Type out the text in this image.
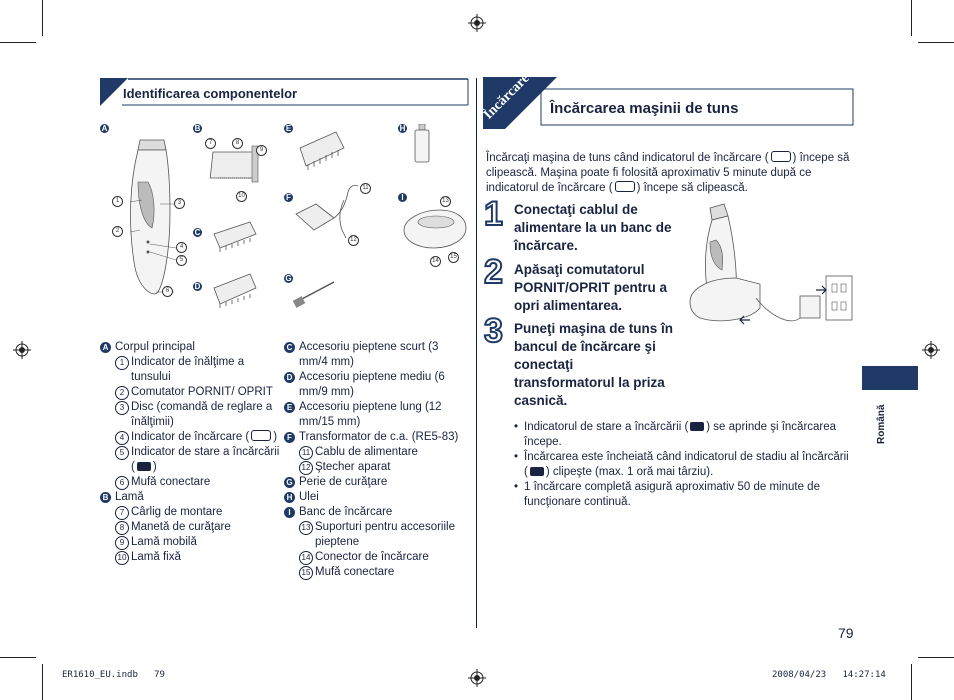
Identificarea componentelor
A	B
C
D
E
F
G
H
I
1
2
3
4
5
6
7	8
9
10
11
12
13
14
15
A Corpul principal
1 Indicator de înălţime a tunsului
2 Comutator PORNIT/ OPRIT
3 Disc (comandă de reglare a înălţimii)
4 Indicator de încărcare ( )
5 Indicator de stare a încărcării ( )
6 Mufă conectare
B Lamă
7 Cârlig de montare
8 Manetă de curăţare
9 Lamă mobilă
10 Lamă fixă
C Accesoriu pieptene scurt (3 mm/4 mm)
D Accesoriu pieptene mediu (6 mm/9 mm)
E Accesoriu pieptene lung (12 mm/15 mm)
F Transformator de c.a. (RE5-83)
11 Cablu de alimentare
12 Ştecher aparat
G Perie de curăţare
H Ulei
I Banc de încărcare
13 Suporturi pentru accesoriile pieptene
14 Conector de încărcare
15 Mufă conectare
Încărcare Încărcarea maşinii de tuns
Încărcaţi maşina de tuns când indicatorul de încărcare ( ) începe să clipească. Maşina poate fi folosită aproximativ 5 minute după ce indicatorul de încărcare ( ) începe să clipească.
1 Conectaţi cablul de alimentare la un banc de încărcare.
2 Apăsaţi comutatorul PORNIT/OPRIT pentru a opri alimentarea.
3 Puneţi maşina de tuns în bancul de încărcare şi conectaţi transformatorul la priza casnică.
• Indicatorul de stare a încărcării ( ) se aprinde şi încărcarea începe.
• Încărcarea este încheiată când indicatorul de stadiu al încărcării ( ) clipeşte (max. 1 oră mai târziu).
• 1 încărcare completă asigură aproximativ 50 de minute de funcţionare continuă.
Română
79
ER1610_EU.indb   79	2008/04/23   14:27:14
